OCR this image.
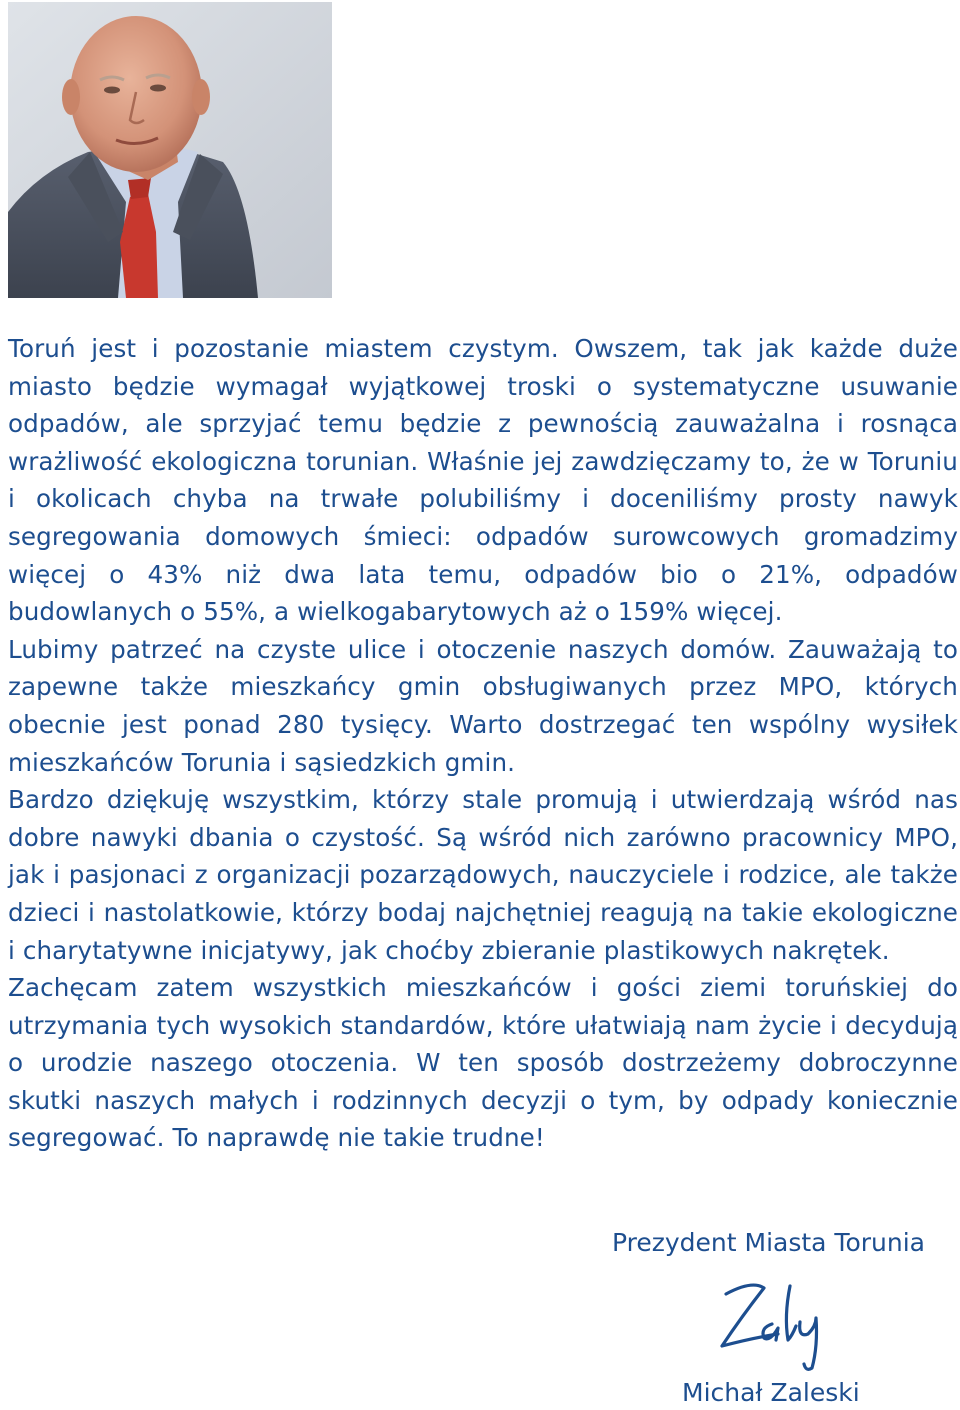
Toruń jest i pozostanie miastem czystym. Owszem, tak jak każde duże miasto będzie wymagał wyjątkowej troski o systematyczne usuwanie odpadów, ale sprzyjać temu będzie z pewnością zauważalna i rosnąca wrażliwość ekologiczna torunian. Właśnie jej zawdzięczamy to, że w Toruniu i okolicach chyba na trwałe polubiliśmy i doceniliśmy prosty nawyk segregowania domowych śmieci: odpadów surowcowych gromadzimy więcej o 43% niż dwa lata temu, odpadów bio o 21%, odpadów budowlanych o 55%, a wielkogabarytowych aż o 159% więcej.

Lubimy patrzeć na czyste ulice i otoczenie naszych domów. Zauważają to zapewne także mieszkańcy gmin obsługiwanych przez MPO, których obecnie jest ponad 280 tysięcy. Warto dostrzegać ten wspólny wysiłek mieszkańców Torunia i sąsiedzkich gmin.

Bardzo dziękuję wszystkim, którzy stale promują i utwierdzają wśród nas dobre nawyki dbania o czystość. Są wśród nich zarówno pracownicy MPO, jak i pasjonaci z organizacji pozarządowych, nauczyciele i rodzice, ale także dzieci i nastolatkowie, którzy bodaj najchętniej reagują na takie ekologiczne i charytatywne inicjatywy, jak choćby zbieranie plastikowych nakrętek.

Zachęcam zatem wszystkich mieszkańców i gości ziemi toruńskiej do utrzymania tych wysokich standardów, które ułatwiają nam życie i decydują o urodzie naszego otoczenia. W ten sposób dostrzeżemy dobroczynne skutki naszych małych i rodzinnych decyzji o tym, by odpady koniecznie segregować. To naprawdę nie takie trudne!

Prezydent Miasta Torunia
Michał Zaleski
